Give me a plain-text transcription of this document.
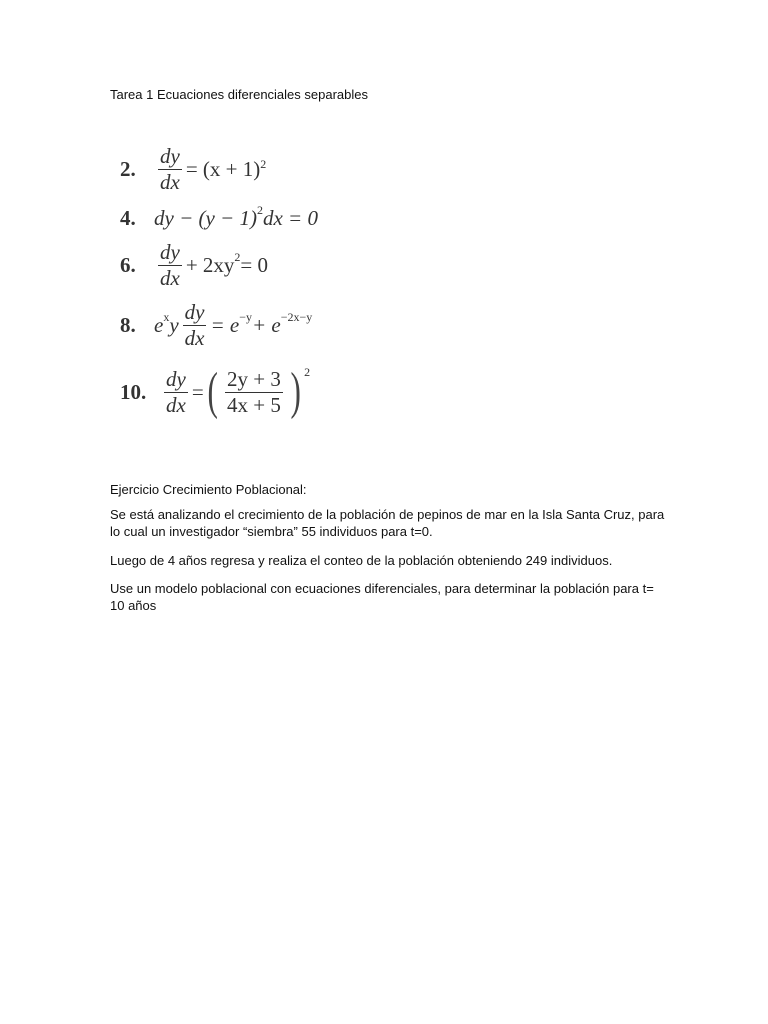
Tarea 1 Ecuaciones diferenciales separables
2.	$\frac{dy}{dx} = (x + 1)^2$
4. dy − $(y - 1)^2$ dx = 0
6.	$\frac{dy}{dx} + 2xy^2 = 0$
8. $e^x$ y $\frac{dy}{dx} = e^{-y} + e^{-2x-y}$
10. $\frac{dy}{dx}$ = ( $\frac{2y + 3}{4x + 5}$ ) $^2$
Ejercicio Crecimiento Poblacional:
Se está analizando el crecimiento de la población de pepinos de mar en la Isla Santa Cruz, para lo cual un investigador “siembra” 55 individuos para t=0.
Luego de 4 años regresa y realiza el conteo de la población obteniendo 249 individuos.
Use un modelo poblacional con ecuaciones diferenciales, para determinar la población para t= 10 años
